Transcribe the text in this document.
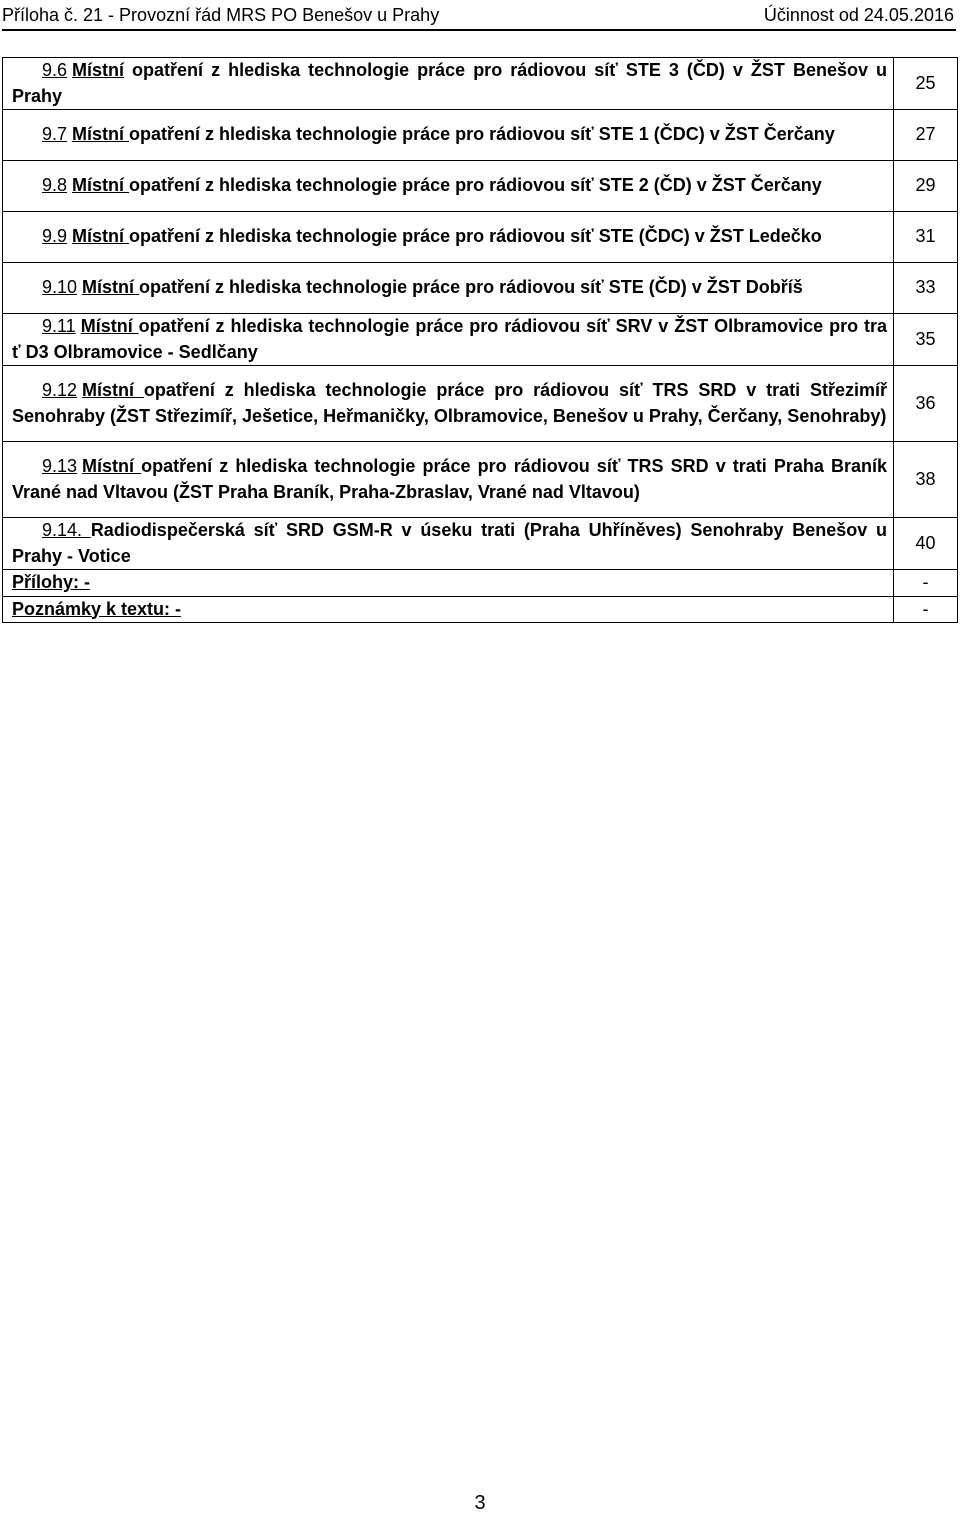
Příloha č. 21 - Provozní řád MRS PO Benešov u Prahy	Účinnost od 24.05.2016
9.6 Místní opatření z hlediska technologie práce pro rádiovou síť STE 3 (ČD) v ŽST Benešov u Prahy	25
9.7 Místní opatření z hlediska technologie práce pro rádiovou síť STE 1 (ČDC) v ŽST Čerčany	27
9.8 Místní opatření z hlediska technologie práce pro rádiovou síť STE 2 (ČD) v ŽST Čerčany	29
9.9 Místní opatření z hlediska technologie práce pro rádiovou síť STE (ČDC) v ŽST Ledečko	31
9.10 Místní opatření z hlediska technologie práce pro rádiovou síť STE (ČD) v ŽST Dobříš	33
9.11 Místní opatření z hlediska technologie práce pro rádiovou síť SRV v ŽST Olbramovice pro tra ť D3 Olbramovice - Sedlčany	35
9.12 Místní opatření z hlediska technologie práce pro rádiovou síť TRS SRD v trati Střezimíř Senohraby (ŽST Střezimíř, Ješetice, Heřmaničky, Olbramovice, Benešov u Prahy, Čerčany, Senohraby)	36
9.13 Místní opatření z hlediska technologie práce pro rádiovou síť TRS SRD v trati Praha Braník Vrané nad Vltavou (ŽST Praha Braník, Praha-Zbraslav, Vrané nad Vltavou)	38
9.14. Radiodispečerská síť SRD GSM-R v úseku trati (Praha Uhříněves) Senohraby Benešov u Prahy - Votice	40
Přílohy: -	-
Poznámky k textu: -	-
3
